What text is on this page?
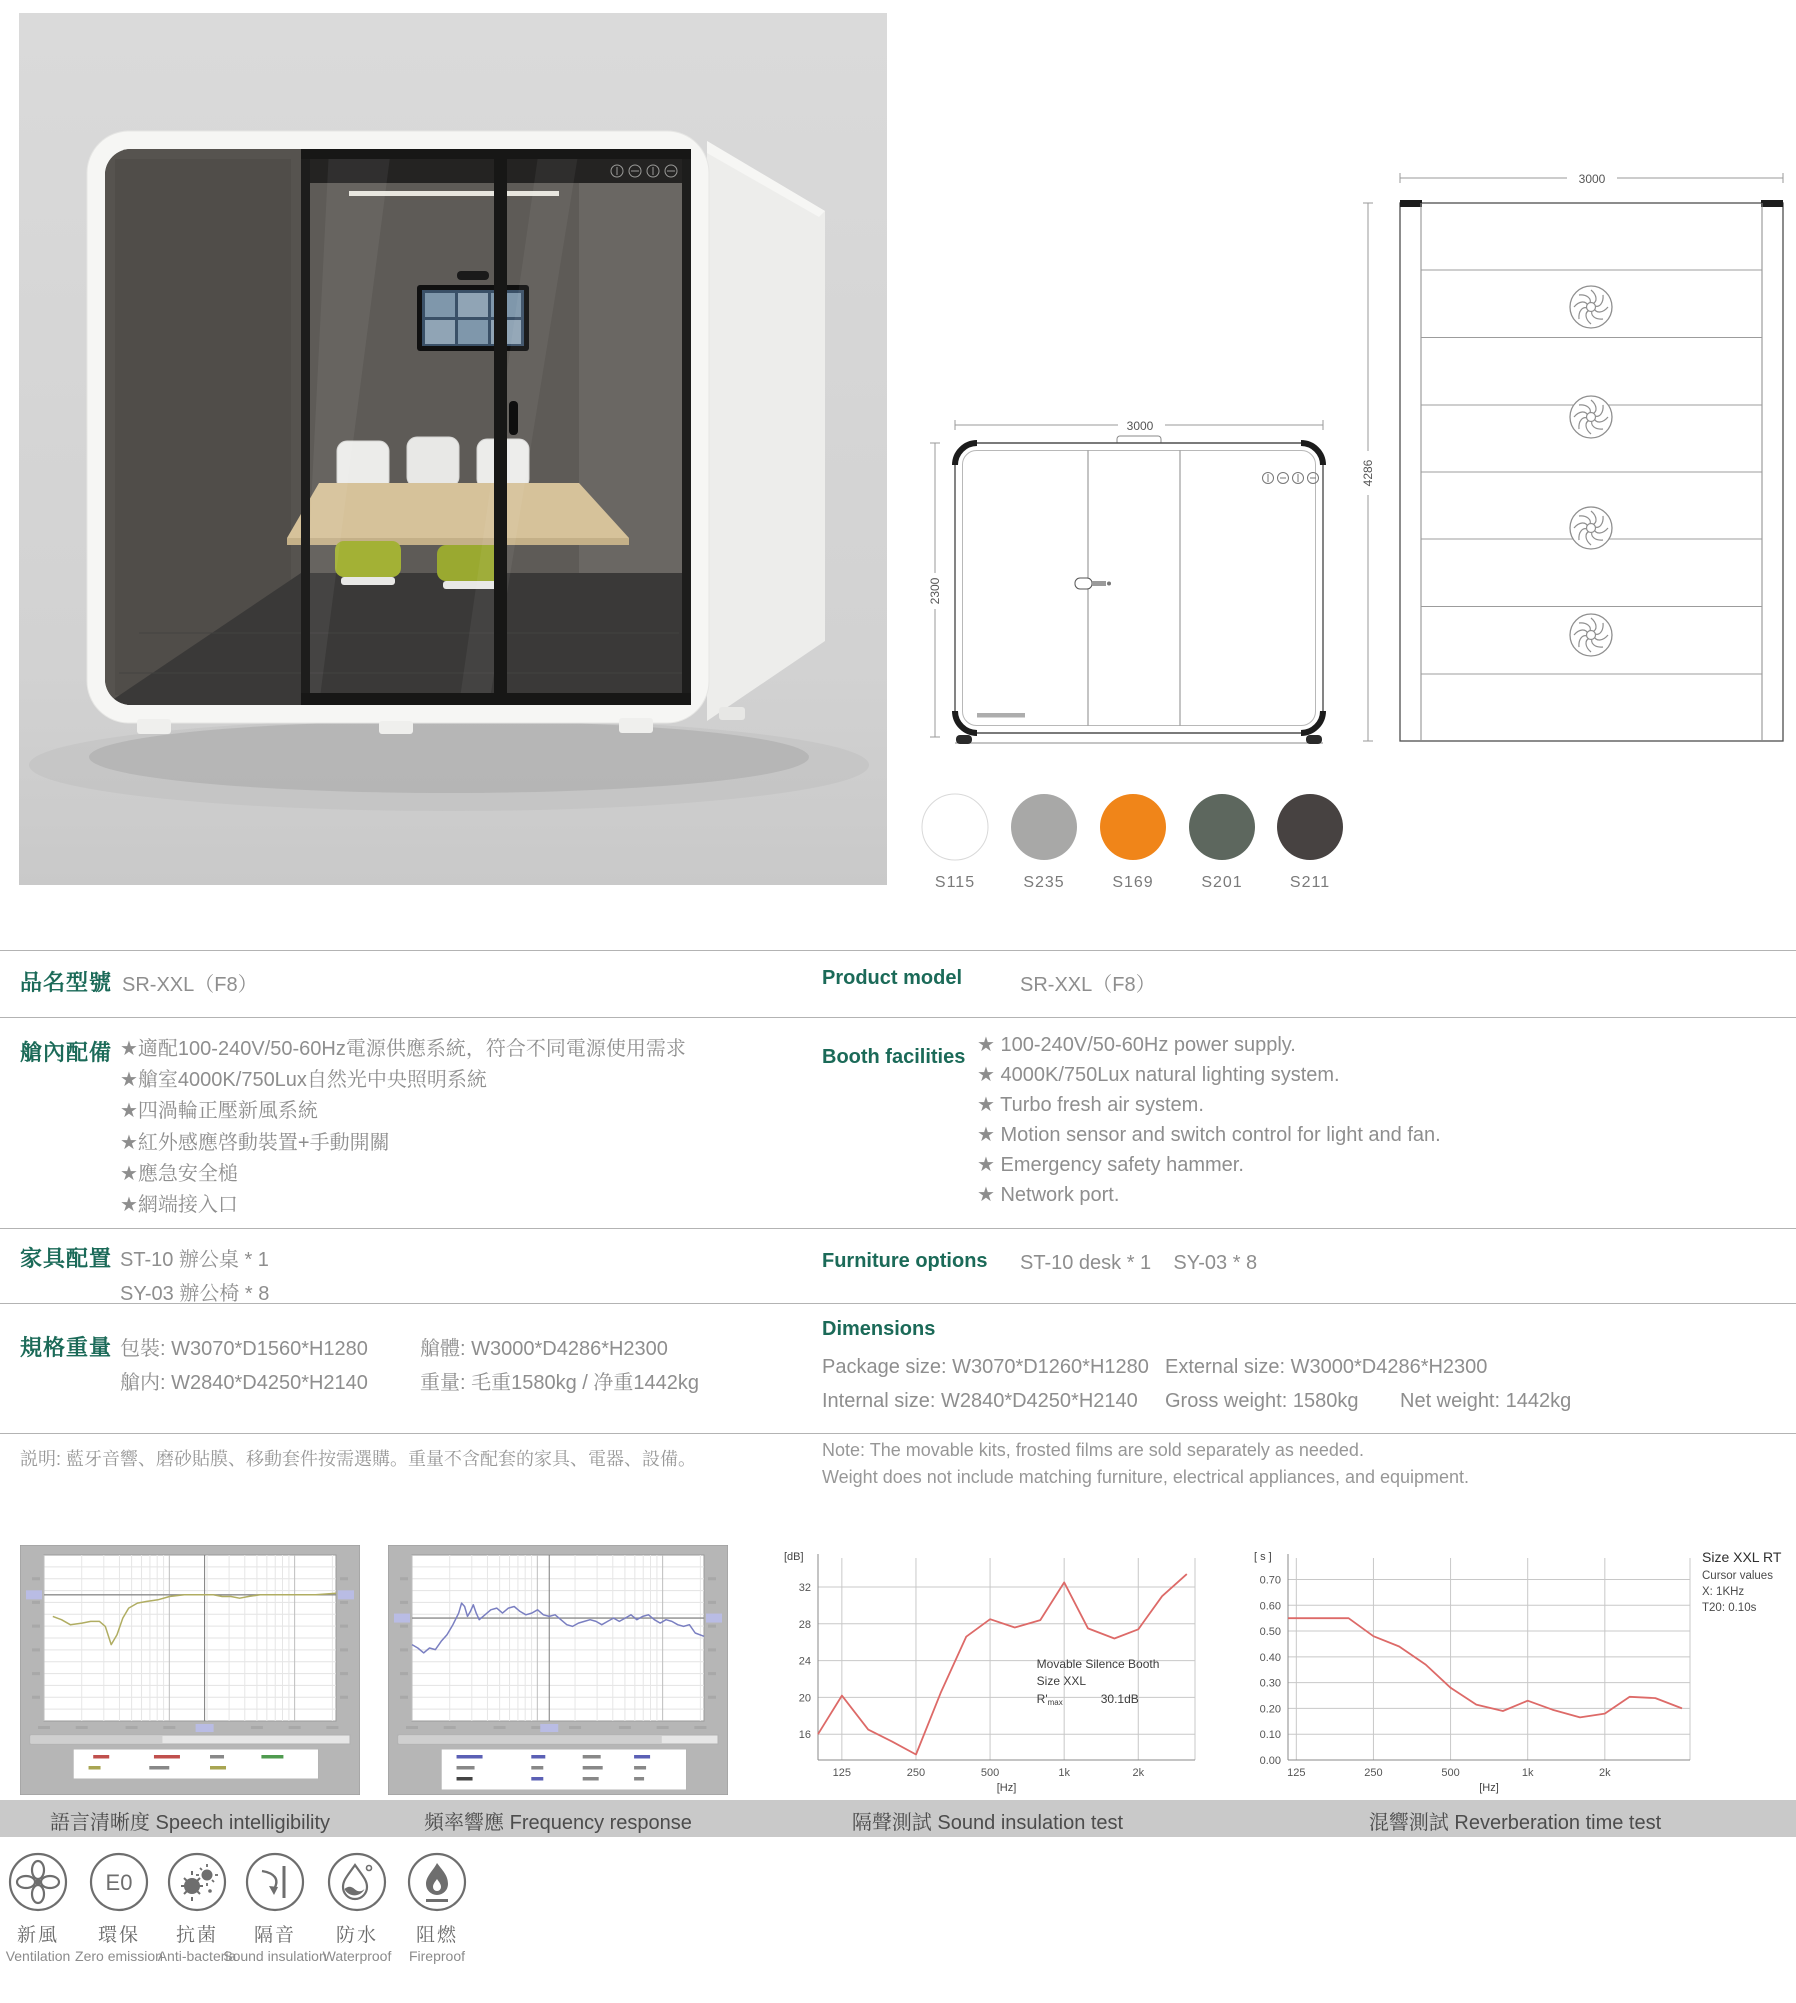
3000
2300
3000
4286
S115	S235	S169	S201	S211
品名型號 SR-XXL（F8）	Product model	SR-XXL（F8）
艙內配備 ★適配100-240V/50-60Hz電源供應系統，符合不同電源使用需求
★艙室4000K/750Lux自然光中央照明系統
★四渦輪正壓新風系統
★紅外感應啓動裝置+手動開關
★應急安全槌
★網端接入口
Booth facilities
★ 100-240V/50-60Hz power supply.
★ 4000K/750Lux natural lighting system.
★ Turbo fresh air system.
★ Motion sensor and switch control for light and fan.
★ Emergency safety hammer.
★ Network port.
家具配置 ST-10 辦公桌 * 1
SY-03 辦公椅 * 8
Furniture options ST-10 desk * 1    SY-03 * 8
規格重量 包裝: W3070*D1560*H1280	艙體: W3000*D4286*H2300
艙内: W2840*D4250*H2140	重量: 毛重1580kg / 净重1442kg
Dimensions
Package size: W3070*D1260*H1280 External size: W3000*D4286*H2300
Internal size: W2840*D4250*H2140 Gross weight: 1580kg Net weight: 1442kg
説明: 藍牙音響、磨砂貼膜、移動套件按需選購。重量不含配套的家具、電器、設備。	Note: The movable kits, frosted films are sold separately as needed.
Weight does not include matching furniture, electrical appliances, and equipment.
16
20
24
28
32
125	250	500	1k	2k
[dB]
[Hz]
Movable Silence Booth
Size XXL
R'max	30.1dB
0.00
0.10
0.20
0.30
0.40
0.50
0.60
0.70
125	250	500	1k	2k
[ s ]
[Hz]
Size XXL RT
Cursor values
X: 1KHz
T20: 0.10s
語言清晰度 Speech intelligibility	頻率響應 Frequency response	隔聲測試 Sound insulation test	混響測試 Reverberation time test
新風
Ventilation
E0
環保
Zero emission
抗菌
Anti-bacteria
隔音
Sound insulation
防水
Waterproof
阻燃
Fireproof
